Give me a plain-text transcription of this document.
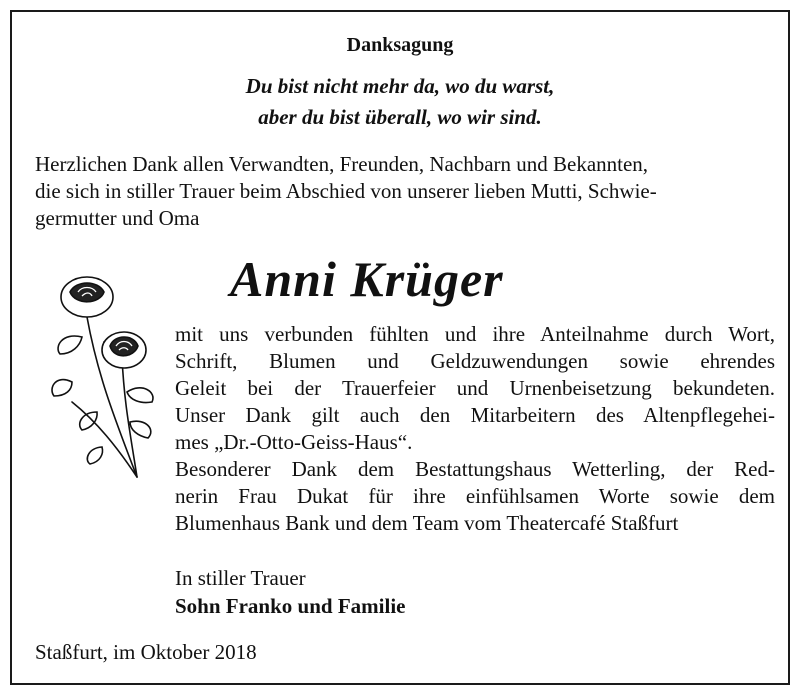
Danksagung
Du bist nicht mehr da, wo du warst,
aber du bist überall, wo wir sind.
Herzlichen Dank allen Verwandten, Freunden, Nachbarn und Bekannten,
die sich in stiller Trauer beim Abschied von unserer lieben Mutti, Schwie-
germutter und Oma
Anni Krüger
mit uns verbunden fühlten und ihre Anteilnahme durch Wort,
Schrift, Blumen und Geldzuwendungen sowie ehrendes
Geleit bei der Trauerfeier und Urnenbeisetzung bekundeten.
Unser Dank gilt auch den Mitarbeitern des Altenpflegehei-
mes „Dr.-Otto-Geiss-Haus“.
Besonderer Dank dem Bestattungshaus Wetterling, der Red-
nerin Frau Dukat für ihre einfühlsamen Worte sowie dem
Blumenhaus Bank und dem Team vom Theatercafé Staßfurt
In stiller Trauer
Sohn Franko und Familie
Staßfurt, im Oktober 2018
